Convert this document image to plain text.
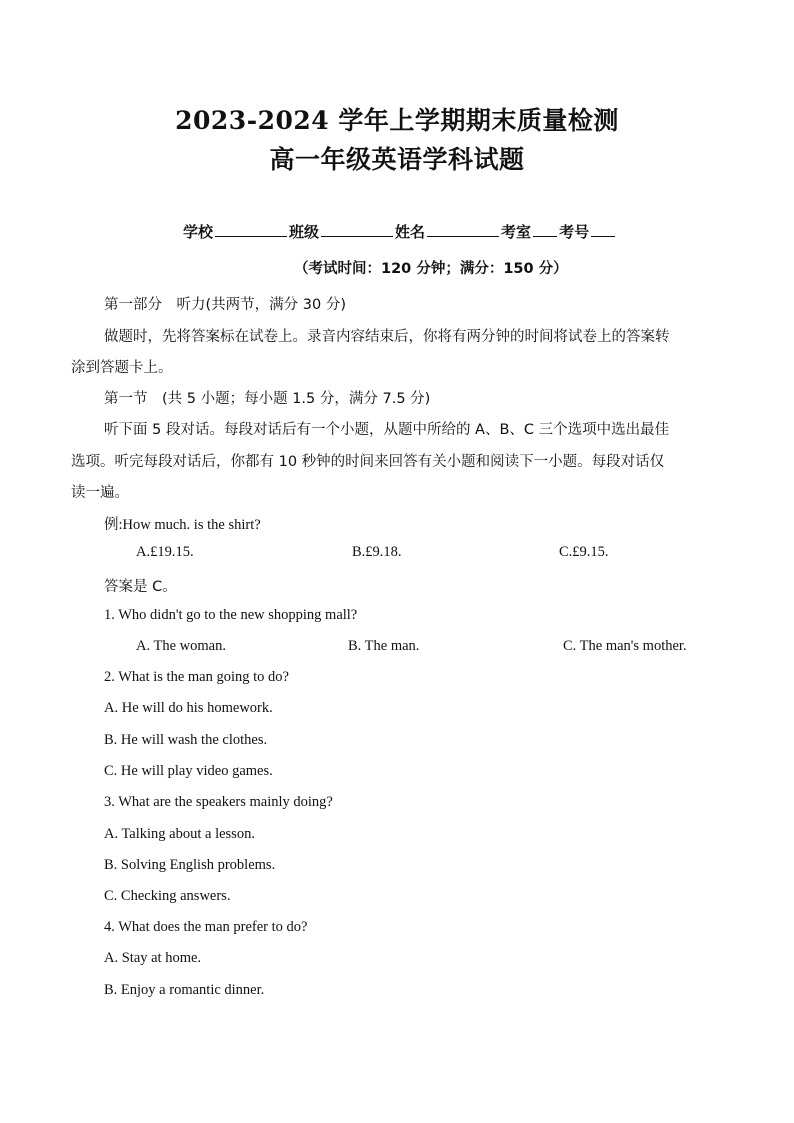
2023-2024 学年上学期期末质量检测
高一年级英语学科试题
学校	班级	姓名	考室 考号
（考试时间：120 分钟；满分：150 分）
第一部分　听力(共两节，满分 30 分)
做题时，先将答案标在试卷上。录音内容结束后，你将有两分钟的时间将试卷上的答案转
涂到答题卡上。
第一节　(共 5 小题；每小题 1.5 分，满分 7.5 分)
听下面 5 段对话。每段对话后有一个小题，从题中所给的 A、B、C 三个选项中选出最佳
选项。听完每段对话后，你都有 10 秒钟的时间来回答有关小题和阅读下一小题。每段对话仅
读一遍。
例:How much. is the shirt?
A.£19.15.	B.£9.18.	C.£9.15.
答案是 C。
1. Who didn't go to the new shopping mall?
A. The woman.	B. The man.	C. The man's mother.
2. What is the man going to do?
A. He will do his homework.
B. He will wash the clothes.
C. He will play video games.
3. What are the speakers mainly doing?
A. Talking about a lesson.
B. Solving English problems.
C. Checking answers.
4. What does the man prefer to do?
A. Stay at home.
B. Enjoy a romantic dinner.
